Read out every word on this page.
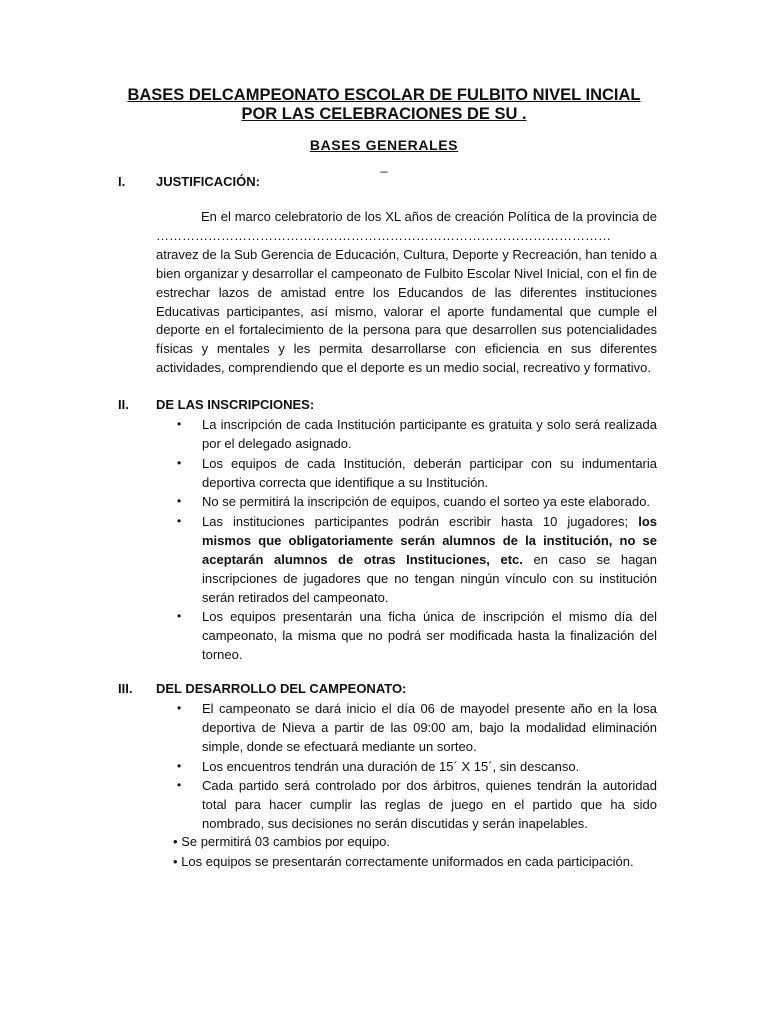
BASES DELCAMPEONATO ESCOLAR DE FULBITO NIVEL INCIAL
POR LAS CELEBRACIONES DE SU .
BASES GENERALES
_
I. JUSTIFICACIÓN:
En el marco celebratorio de los XL años de creación Política de la provincia de …………………………………………………………………………………………… atravez de la Sub Gerencia de Educación, Cultura, Deporte y Recreación, han tenido a bien organizar y desarrollar el campeonato de Fulbito Escolar Nivel Inicial, con el fin de estrechar lazos de amistad entre los Educandos de las diferentes instituciones Educativas participantes, así mismo, valorar el aporte fundamental que cumple el deporte en el fortalecimiento de la persona para que desarrollen sus potencialidades físicas y mentales y les permita desarrollarse con eficiencia en sus diferentes actividades, comprendiendo que el deporte es un medio social, recreativo y formativo.
II. DE LAS INSCRIPCIONES:
• La inscripción de cada Institución participante es gratuita y solo será realizada por el delegado asignado.
• Los equipos de cada Institución, deberán participar con su indumentaria deportiva correcta que identifique a su Institución.
• No se permitirá la inscripción de equipos, cuando el sorteo ya este elaborado.
• Las instituciones participantes podrán escribir hasta 10 jugadores; los mismos que obligatoriamente serán alumnos de la institución, no se aceptarán alumnos de otras Instituciones, etc. en caso se hagan inscripciones de jugadores que no tengan ningún vínculo con su institución serán retirados del campeonato.
• Los equipos presentarán una ficha única de inscripción el mismo día del campeonato, la misma que no podrá ser modificada hasta la finalización del torneo.
III. DEL DESARROLLO DEL CAMPEONATO:
• El campeonato se dará inicio el día 06 de mayodel presente año en la losa deportiva de Nieva a partir de las 09:00 am, bajo la modalidad eliminación simple, donde se efectuará mediante un sorteo.
• Los encuentros tendrán una duración de 15´ X 15´, sin descanso.
• Cada partido será controlado por dos árbitros, quienes tendrán la autoridad total para hacer cumplir las reglas de juego en el partido que ha sido nombrado, sus decisiones no serán discutidas y serán inapelables.
• Se permitirá 03 cambios por equipo.
• Los equipos se presentarán correctamente uniformados en cada participación.
